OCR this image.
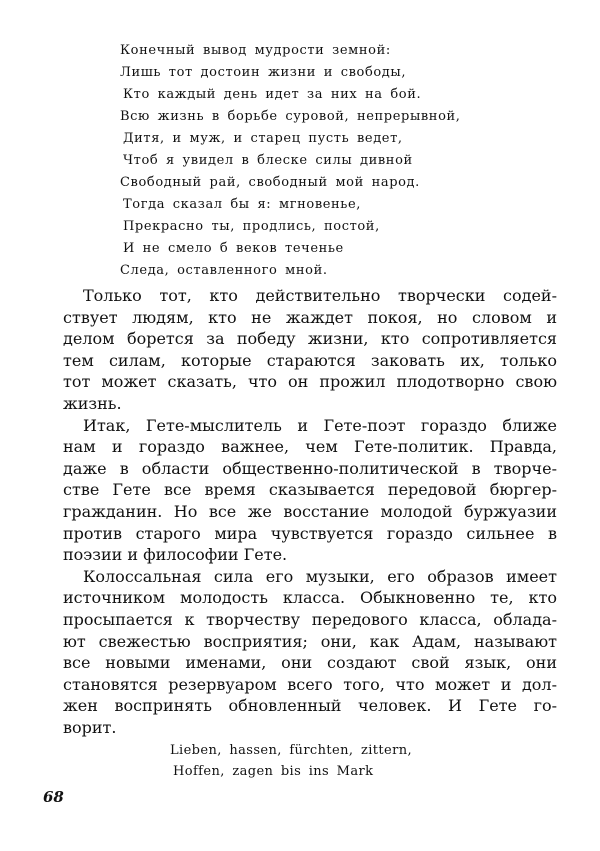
Конечный вывод мудрости земной:
Лишь тот достоин жизни и свободы,
Кто каждый день идет за них на бой.
Всю жизнь в борьбе суровой, непрерывной,
Дитя, и муж, и старец пусть ведет,
Чтоб я увидел в блеске силы дивной
Свободный рай, свободный мой народ.
Тогда сказал бы я: мгновенье,
Прекрасно ты, продлись, постой,
И не смело б веков теченье
Следа, оставленного мной.

Только тот, кто действительно творчески содей-
ствует людям, кто не жаждет покоя, но словом и
делом борется за победу жизни, кто сопротивляется
тем силам, которые стараются заковать их, только
тот может сказать, что он прожил плодотворно свою
жизнь.

Итак, Гете-мыслитель и Гете-поэт гораздо ближе
нам и гораздо важнее, чем Гете-политик. Правда,
даже в области общественно-политической в творче-
стве Гете все время сказывается передовой бюргер-
гражданин. Но все же восстание молодой буржуазии
против старого мира чувствуется гораздо сильнее в
поэзии и философии Гете.

Колоссальная сила его музыки, его образов имеет
источником молодость класса. Обыкновенно те, кто
просыпается к творчеству передового класса, облада-
ют свежестью восприятия; они, как Адам, называют
все новыми именами, они создают свой язык, они
становятся резервуаром всего того, что может и дол-
жен воспринять обновленный человек. И Гете го-
ворит.

Lieben, hassen, fürchten, zittern,
Hoffen, zagen bis ins Mark
68
